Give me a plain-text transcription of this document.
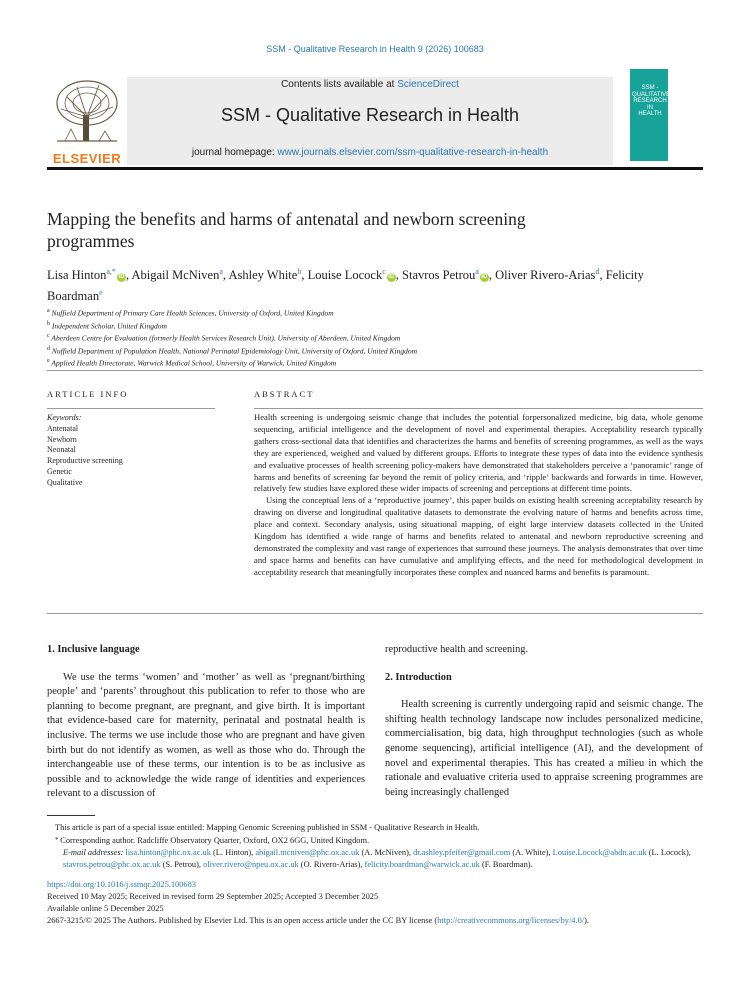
SSM - Qualitative Research in Health 9 (2026) 100683
ELSEVIER
Contents lists available at ScienceDirect
SSM - Qualitative Research in Health
journal homepage: www.journals.elsevier.com/ssm-qualitative-research-in-health
SSM -
QUALITATIVE
RESEARCH IN
HEALTH
Mapping the benefits and harms of antenatal and newborn screening programmes
Lisa Hinton$^{a,*}$iD , Abigail McNiven$^a$, Ashley White$^b$, Louise Locock$^c$iD , Stavros Petrou$^a$iD , Oliver Rivero-Arias$^d$, Felicity Boardman$^e$
$^a$ Nuffield Department of Primary Care Health Sciences, University of Oxford, United Kingdom
$^b$ Independent Scholar, United Kingdom
$^c$ Aberdeen Centre for Evaluation (formerly Health Services Research Unit), University of Aberdeen, United Kingdom
$^d$ Nuffield Department of Population Health, National Perinatal Epidemiology Unit, University of Oxford, United Kingdom
$^e$ Applied Health Directorate, Warwick Medical School, University of Warwick, United Kingdom
ARTICLE INFO	ABSTRACT
Keywords:
Antenatal
Newborn
Neonatal
Reproductive screening
Genetic
Qualitative

Health screening is undergoing seismic change that includes the potential forpersonalized medicine, big data, whole genome sequencing, artificial intelligence and the development of novel and experimental therapies. Acceptability research typically gathers cross-sectional data that identifies and characterizes the harms and benefits of screening programmes, as well as the ways they are experienced, weighed and valued by different groups. Efforts to integrate these types of data into the evidence synthesis and evaluative processes of health screening policy-makers have demonstrated that stakeholders perceive a ‘panoramic’ range of harms and benefits of screening far beyond the remit of policy criteria, and ‘ripple’ backwards and forwards in time. However, relatively few studies have explored these wider impacts of screening and perceptions at different time points.

Using the conceptual lens of a ‘reproductive journey’, this paper builds on existing health screening acceptability research by drawing on diverse and longitudinal qualitative datasets to demonstrate the evolving nature of harms and benefits across time, place and context. Secondary analysis, using situational mapping, of eight large interview datasets collected in the United Kingdom has identified a wide range of harms and benefits related to antenatal and newborn reproductive screening and demonstrated the complexity and vast range of experiences that surround these journeys. The analysis demonstrates that over time and space harms and benefits can have cumulative and amplifying effects, and the need for methodological development in acceptability research that meaningfully incorporates these complex and nuanced harms and benefits is paramount.

1. Inclusive language

We use the terms ‘women’ and ‘mother’ as well as ‘pregnant/birthing people’ and ‘parents’ throughout this publication to refer to those who are planning to become pregnant, are pregnant, and give birth. It is important that evidence-based care for maternity, perinatal and postnatal health is inclusive. The terms we use include those who are pregnant and have given birth but do not identify as women, as well as those who do. Through the interchangeable use of these terms, our intention is to be as inclusive as possible and to acknowledge the wide range of identities and experiences relevant to a discussion of

reproductive health and screening.

2. Introduction

Health screening is currently undergoing rapid and seismic change. The shifting health technology landscape now includes personalized medicine, commercialisation, big data, high throughput technologies (such as whole genome sequencing), artificial intelligence (AI), and the development of novel and experimental therapies. This has created a milieu in which the rationale and evaluative criteria used to appraise screening programmes are being increasingly challenged

This article is part of a special issue entitled: Mapping Genomic Screening published in SSM - Qualitative Research in Health.

* Corresponding author. Radcliffe Observatory Quarter, Oxford, OX2 6GG, United Kingdom.

E-mail addresses: lisa.hinton@phc.ox.ac.uk (L. Hinton), abigail.mcniven@phc.ox.ac.uk (A. McNiven), dr.ashley.pfeifer@gmail.com (A. White), Louise.Locock@abdn.ac.uk (L. Locock), stavros.petrou@phc.ox.ac.uk (S. Petrou), oliver.rivero@npeu.ox.ac.uk (O. Rivero-Arias), felicity.boardman@warwick.ac.uk (F. Boardman).

https://doi.org/10.1016/j.ssmqr.2025.100683

Received 10 May 2025; Received in revised form 29 September 2025; Accepted 3 December 2025

Available online 5 December 2025

2667-3215/© 2025 The Authors. Published by Elsevier Ltd. This is an open access article under the CC BY license (http://creativecommons.org/licenses/by/4.0/).
